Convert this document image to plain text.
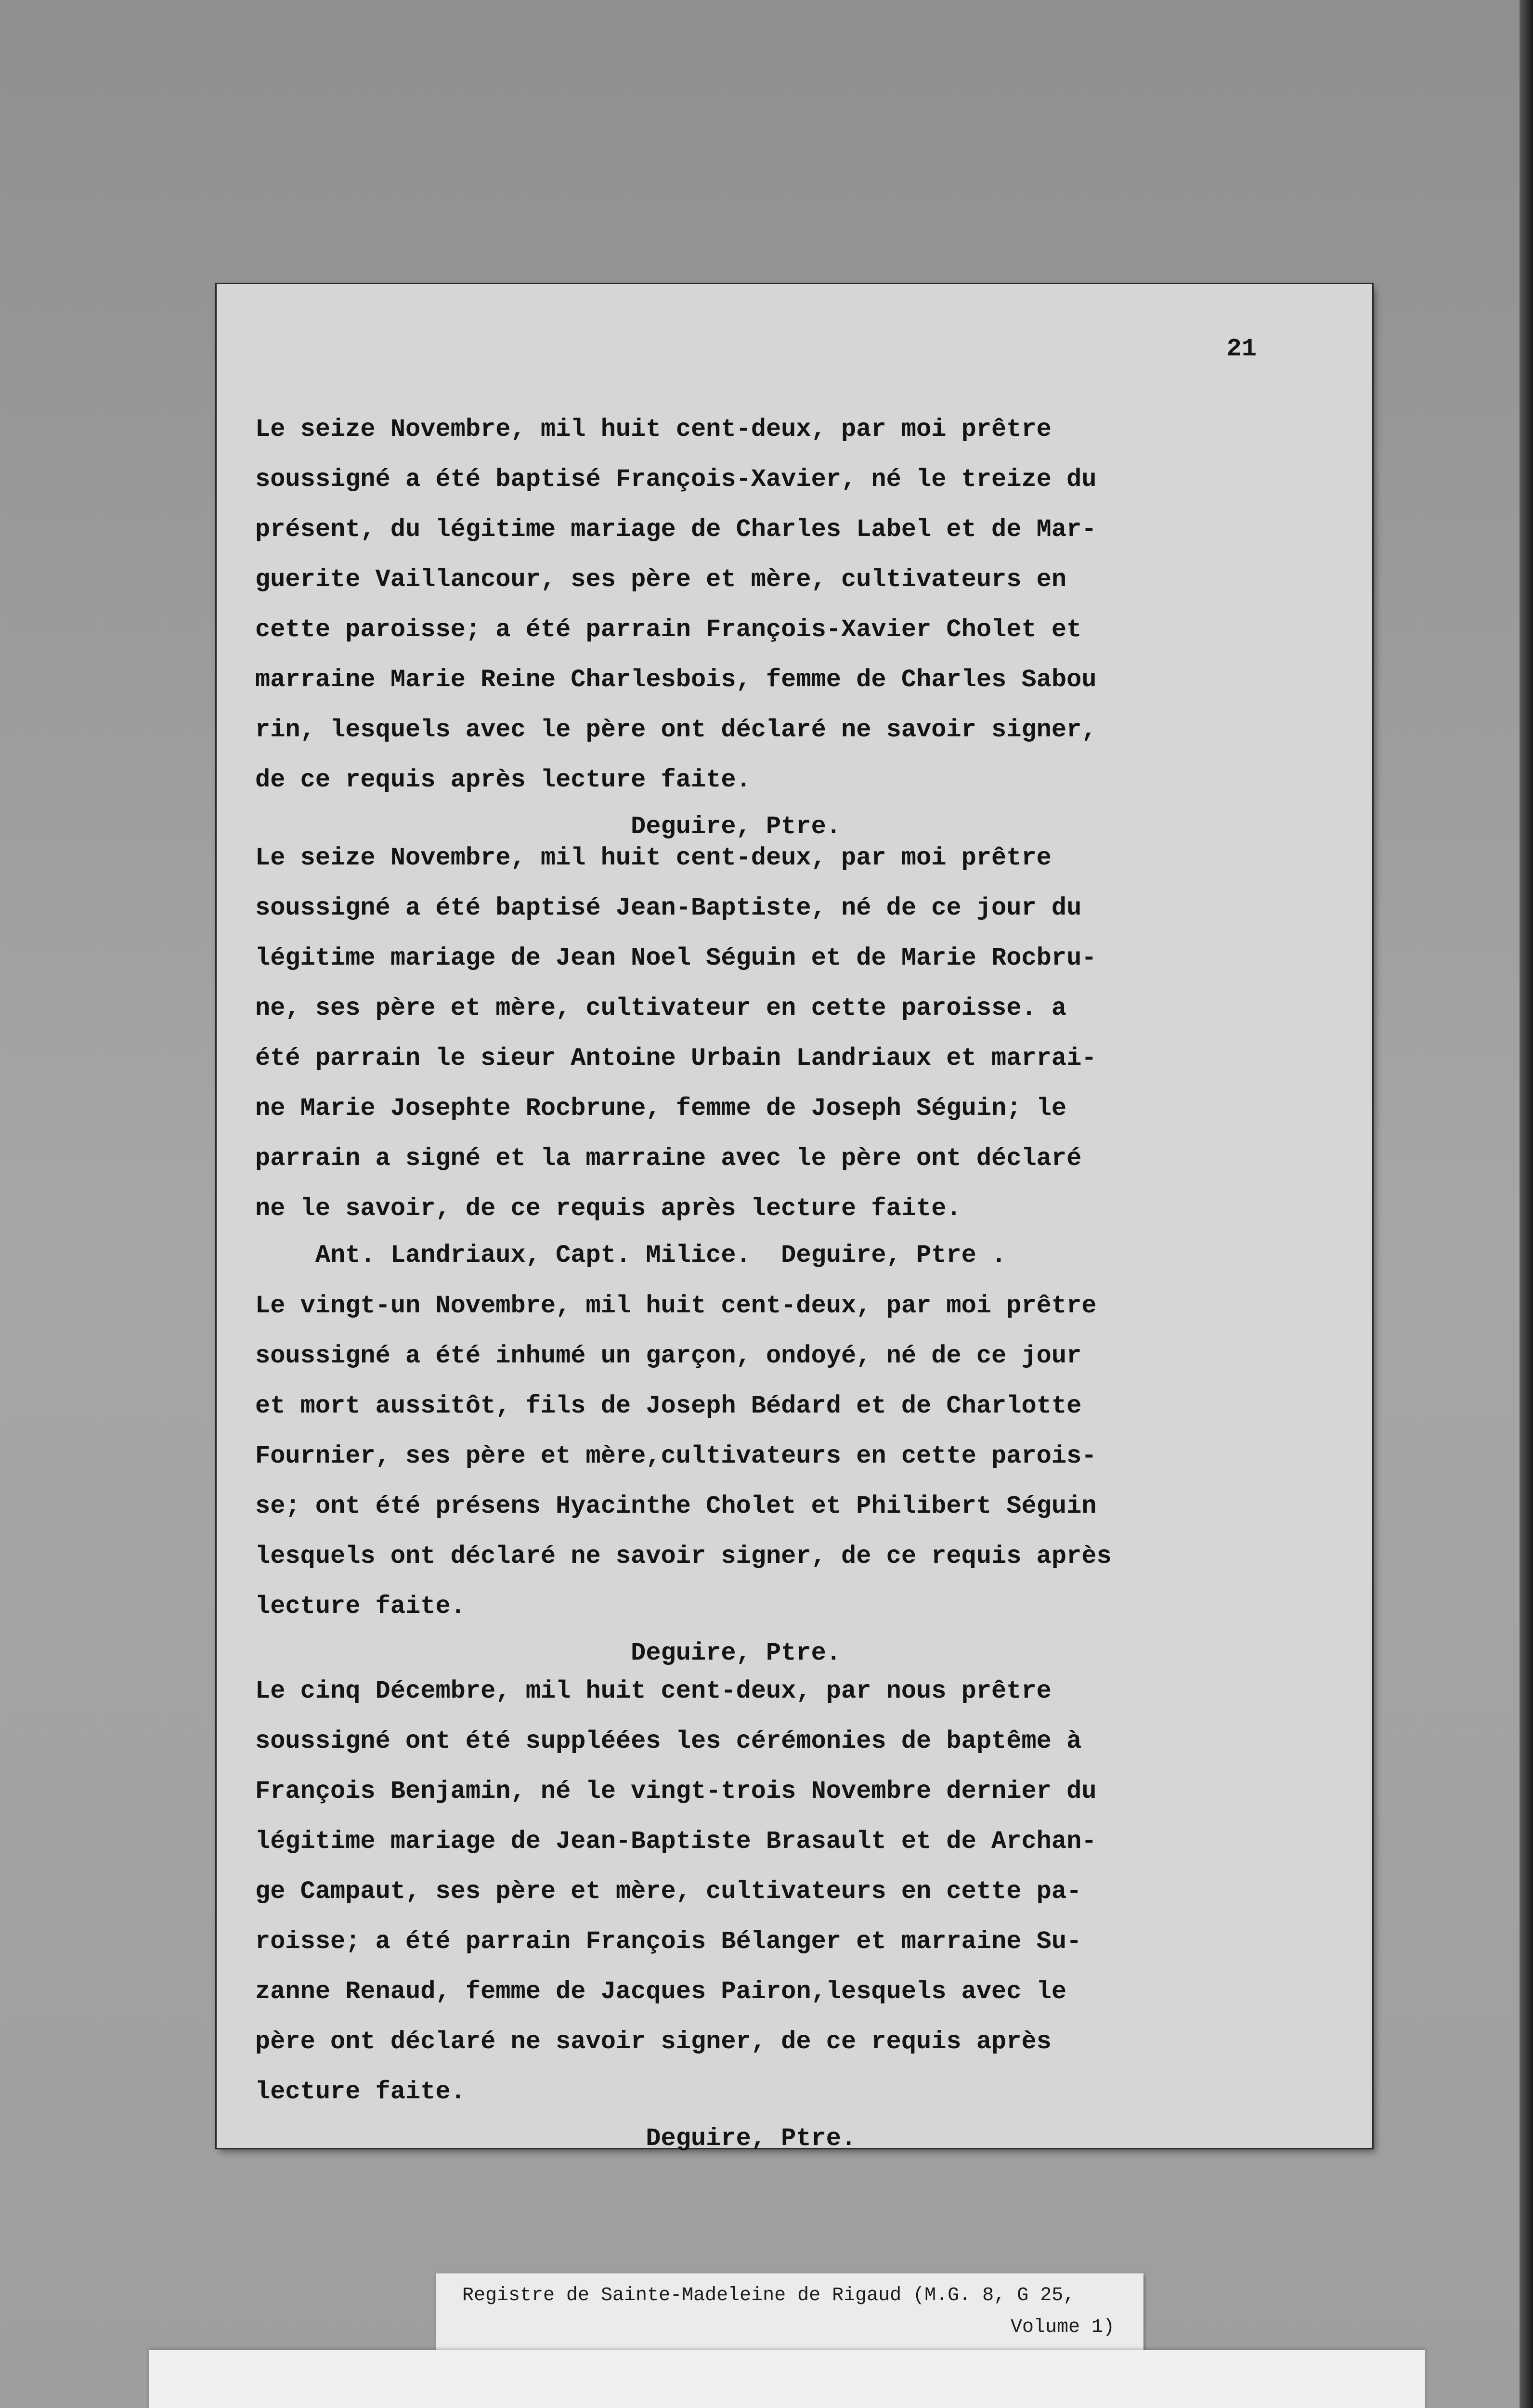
21

Le seize Novembre, mil huit cent-deux, par moi prêtre
soussigné a été baptisé François-Xavier, né le treize du
présent, du légitime mariage de Charles Label et de Mar-
guerite Vaillancour, ses père et mère, cultivateurs en
cette paroisse; a été parrain François-Xavier Cholet et
marraine Marie Reine Charlesbois, femme de Charles Sabou
rin, lesquels avec le père ont déclaré ne savoir signer,
de ce requis après lecture faite.

Deguire, Ptre.

Le seize Novembre, mil huit cent-deux, par moi prêtre
soussigné a été baptisé Jean-Baptiste, né de ce jour du
légitime mariage de Jean Noel Séguin et de Marie Rocbru-
ne, ses père et mère, cultivateur en cette paroisse. a
été parrain le sieur Antoine Urbain Landriaux et marrai-
ne Marie Josephte Rocbrune, femme de Joseph Séguin; le
parrain a signé et la marraine avec le père ont déclaré
ne le savoir, de ce requis après lecture faite.

Ant. Landriaux, Capt. Milice.  Deguire, Ptre .

Le vingt-un Novembre, mil huit cent-deux, par moi prêtre
soussigné a été inhumé un garçon, ondoyé, né de ce jour
et mort aussitôt, fils de Joseph Bédard et de Charlotte
Fournier, ses père et mère,cultivateurs en cette parois-
se; ont été présens Hyacinthe Cholet et Philibert Séguin
lesquels ont déclaré ne savoir signer, de ce requis après
lecture faite.

Deguire, Ptre.

Le cinq Décembre, mil huit cent-deux, par nous prêtre
soussigné ont été suppléées les cérémonies de baptême à
François Benjamin, né le vingt-trois Novembre dernier du
légitime mariage de Jean-Baptiste Brasault et de Archan-
ge Campaut, ses père et mère, cultivateurs en cette pa-
roisse; a été parrain François Bélanger et marraine Su-
zanne Renaud, femme de Jacques Pairon,lesquels avec le
père ont déclaré ne savoir signer, de ce requis après
lecture faite.

Deguire, Ptre.

Registre de Sainte-Madeleine de Rigaud (M.G. 8, G 25,
Volume 1)
